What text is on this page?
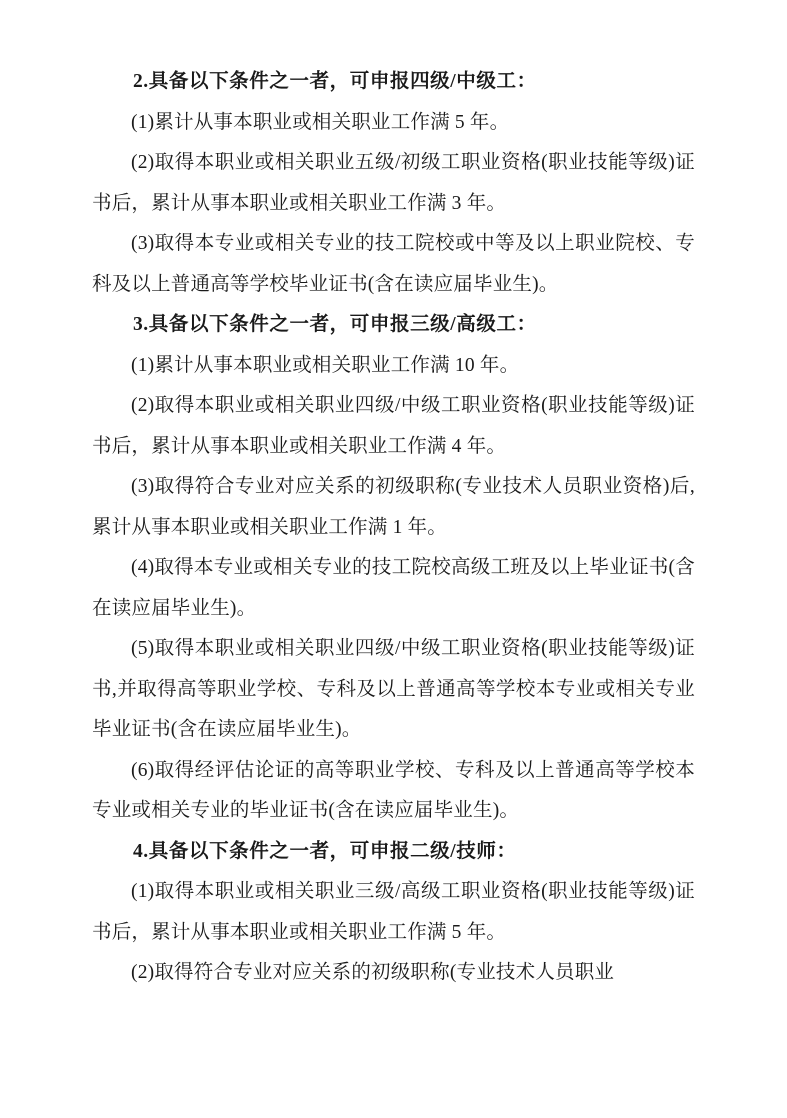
2.具备以下条件之一者，可申报四级/中级工：

(1)累计从事本职业或相关职业工作满 5 年。

(2)取得本职业或相关职业五级/初级工职业资格(职业技能等级)证书后，累计从事本职业或相关职业工作满 3 年。

(3)取得本专业或相关专业的技工院校或中等及以上职业院校、专科及以上普通高等学校毕业证书(含在读应届毕业生)。

3.具备以下条件之一者，可申报三级/高级工：

(1)累计从事本职业或相关职业工作满 10 年。

(2)取得本职业或相关职业四级/中级工职业资格(职业技能等级)证书后，累计从事本职业或相关职业工作满 4 年。

(3)取得符合专业对应关系的初级职称(专业技术人员职业资格)后,累计从事本职业或相关职业工作满 1 年。

(4)取得本专业或相关专业的技工院校高级工班及以上毕业证书(含在读应届毕业生)。

(5)取得本职业或相关职业四级/中级工职业资格(职业技能等级)证书,并取得高等职业学校、专科及以上普通高等学校本专业或相关专业毕业证书(含在读应届毕业生)。

(6)取得经评估论证的高等职业学校、专科及以上普通高等学校本专业或相关专业的毕业证书(含在读应届毕业生)。

4.具备以下条件之一者，可申报二级/技师：

(1)取得本职业或相关职业三级/高级工职业资格(职业技能等级)证书后，累计从事本职业或相关职业工作满 5 年。

(2)取得符合专业对应关系的初级职称(专业技术人员职业
